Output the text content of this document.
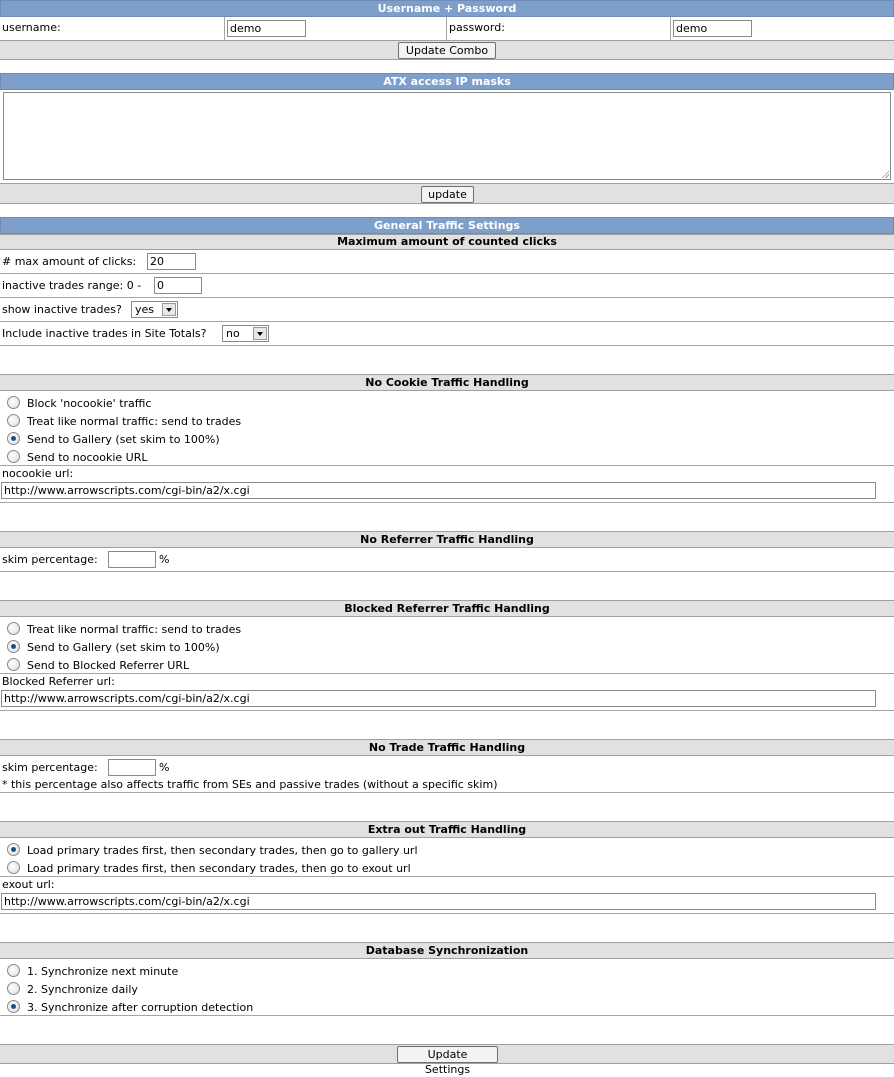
Username + Password
username:	demo	password:	demo
Update Combo
ATX access IP masks
update
General Traffic Settings
Maximum amount of counted clicks
# max amount of clicks: 20
inactive trades range: 0 - 0
show inactive trades?	yes
Include inactive trades in Site Totals?	no
No Cookie Traffic Handling
Block 'nocookie' traffic
Treat like normal traffic: send to trades
Send to Gallery (set skim to 100%)
Send to nocookie URL
nocookie url:
http://www.arrowscripts.com/cgi-bin/a2/x.cgi
No Referrer Traffic Handling
skim percentage:	%
Blocked Referrer Traffic Handling
Treat like normal traffic: send to trades
Send to Gallery (set skim to 100%)
Send to Blocked Referrer URL
Blocked Referrer url:
http://www.arrowscripts.com/cgi-bin/a2/x.cgi
No Trade Traffic Handling
skim percentage:	%
* this percentage also affects traffic from SEs and passive trades (without a specific skim)
Extra out Traffic Handling
Load primary trades first, then secondary trades, then go to gallery url
Load primary trades first, then secondary trades, then go to exout url
exout url:
http://www.arrowscripts.com/cgi-bin/a2/x.cgi
Database Synchronization
1. Synchronize next minute
2. Synchronize daily
3. Synchronize after corruption detection
Update Settings
